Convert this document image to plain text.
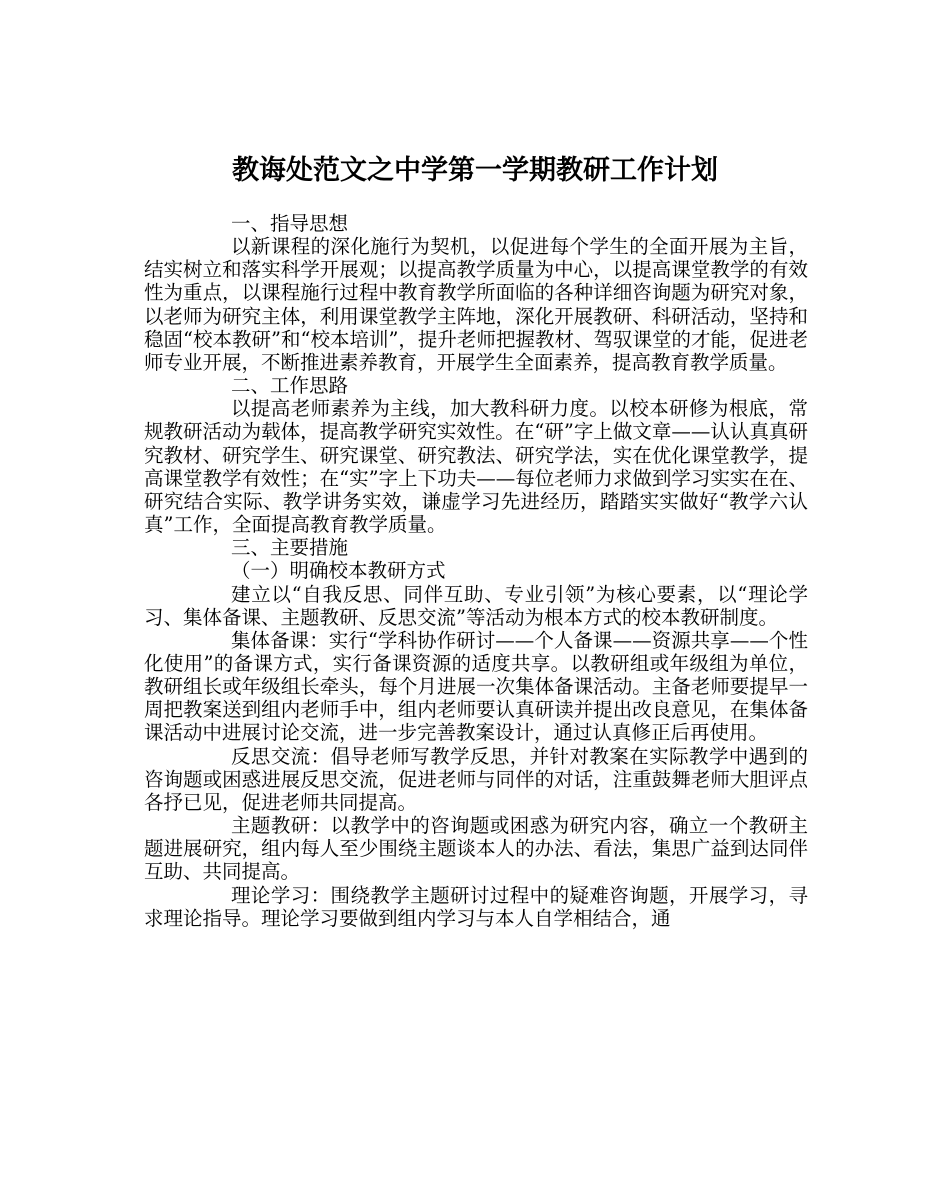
教诲处范文之中学第一学期教研工作计划

一、指导思想

以新课程的深化施行为契机，以促进每个学生的全面开展为主旨，结实树立和落实科学开展观；以提高教学质量为中心，以提高课堂教学的有效性为重点，以课程施行过程中教育教学所面临的各种详细咨询题为研究对象，以老师为研究主体，利用课堂教学主阵地，深化开展教研、科研活动，坚持和稳固“校本教研”和“校本培训”，提升老师把握教材、驾驭课堂的才能，促进老师专业开展，不断推进素养教育，开展学生全面素养，提高教育教学质量。

二、工作思路

以提高老师素养为主线，加大教科研力度。以校本研修为根底，常规教研活动为载体，提高教学研究实效性。在“研”字上做文章——认认真真研究教材、研究学生、研究课堂、研究教法、研究学法，实在优化课堂教学，提高课堂教学有效性；在“实”字上下功夫——每位老师力求做到学习实实在在、研究结合实际、教学讲务实效，谦虚学习先进经历，踏踏实实做好“教学六认真”工作，全面提高教育教学质量。

三、主要措施

（一）明确校本教研方式

建立以“自我反思、同伴互助、专业引领”为核心要素，以“理论学习、集体备课、主题教研、反思交流”等活动为根本方式的校本教研制度。

集体备课：实行“学科协作研讨——个人备课——资源共享——个性化使用”的备课方式，实行备课资源的适度共享。以教研组或年级组为单位，教研组长或年级组长牵头，每个月进展一次集体备课活动。主备老师要提早一周把教案送到组内老师手中，组内老师要认真研读并提出改良意见，在集体备课活动中进展讨论交流，进一步完善教案设计，通过认真修正后再使用。

反思交流：倡导老师写教学反思，并针对教案在实际教学中遇到的咨询题或困惑进展反思交流，促进老师与同伴的对话，注重鼓舞老师大胆评点各抒已见，促进老师共同提高。

主题教研：以教学中的咨询题或困惑为研究内容，确立一个教研主题进展研究，组内每人至少围绕主题谈本人的办法、看法，集思广益到达同伴互助、共同提高。

理论学习：围绕教学主题研讨过程中的疑难咨询题，开展学习，寻求理论指导。理论学习要做到组内学习与本人自学相结合，通
